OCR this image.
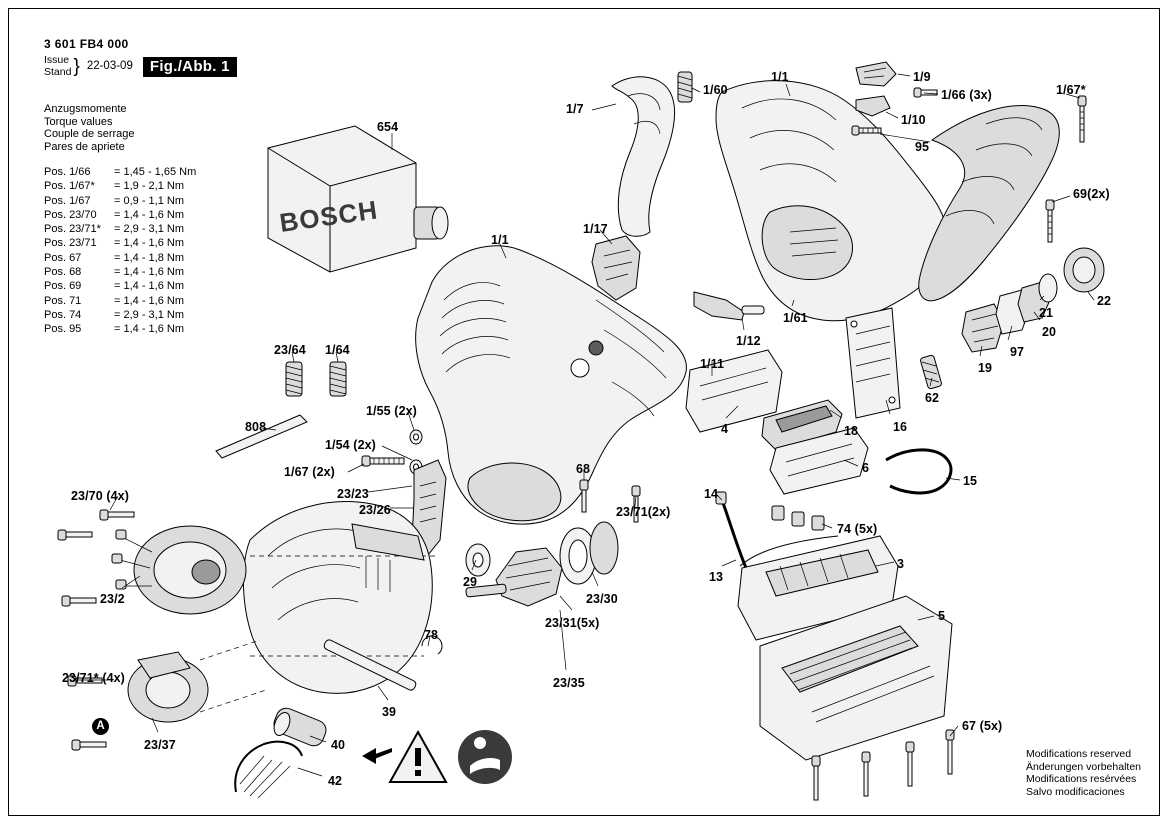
BOSCH
3 601 FB4 000
Issue
Stand } 22-03-09	Fig./Abb. 1
Anzugsmomente
Torque values
Couple de serrage
Pares de apriete
Pos. 1/66	= 1,45 - 1,65 Nm
Pos. 1/67*	= 1,9 - 2,1 Nm
Pos. 1/67	= 0,9 - 1,1 Nm
Pos. 23/70	= 1,4 - 1,6 Nm
Pos. 23/71*	= 2,9 - 3,1 Nm
Pos. 23/71	= 1,4 - 1,6 Nm
Pos. 67	= 1,4 - 1,8 Nm
Pos. 68	= 1,4 - 1,6 Nm
Pos. 69	= 1,4 - 1,6 Nm
Pos. 71	= 1,4 - 1,6 Nm
Pos. 74	= 2,9 - 3,1 Nm
Pos. 95	= 1,4 - 1,6 Nm
654
1/7
1/60
1/1	1/9
1/66 (3x)	1/67*
1/10
95
69(2x)
1/17
1/1
21
22
20
97
19
1/61
1/12
1/11
62
16
18
4
23/64 1/64
808
1/55 (2x)
1/54 (2x)
1/67 (2x)
23/23
23/26
23/70 (4x)
23/2
68
23/71(2x)
29
23/30
23/31(5x)
23/35
78
39
40
42
23/71* (4x)
23/37
14
13
6
15
74 (5x)
3
5
67 (5x)
A
Modifications reserved
Änderungen vorbehalten
Modifications resérvées
Salvo modificaciones
